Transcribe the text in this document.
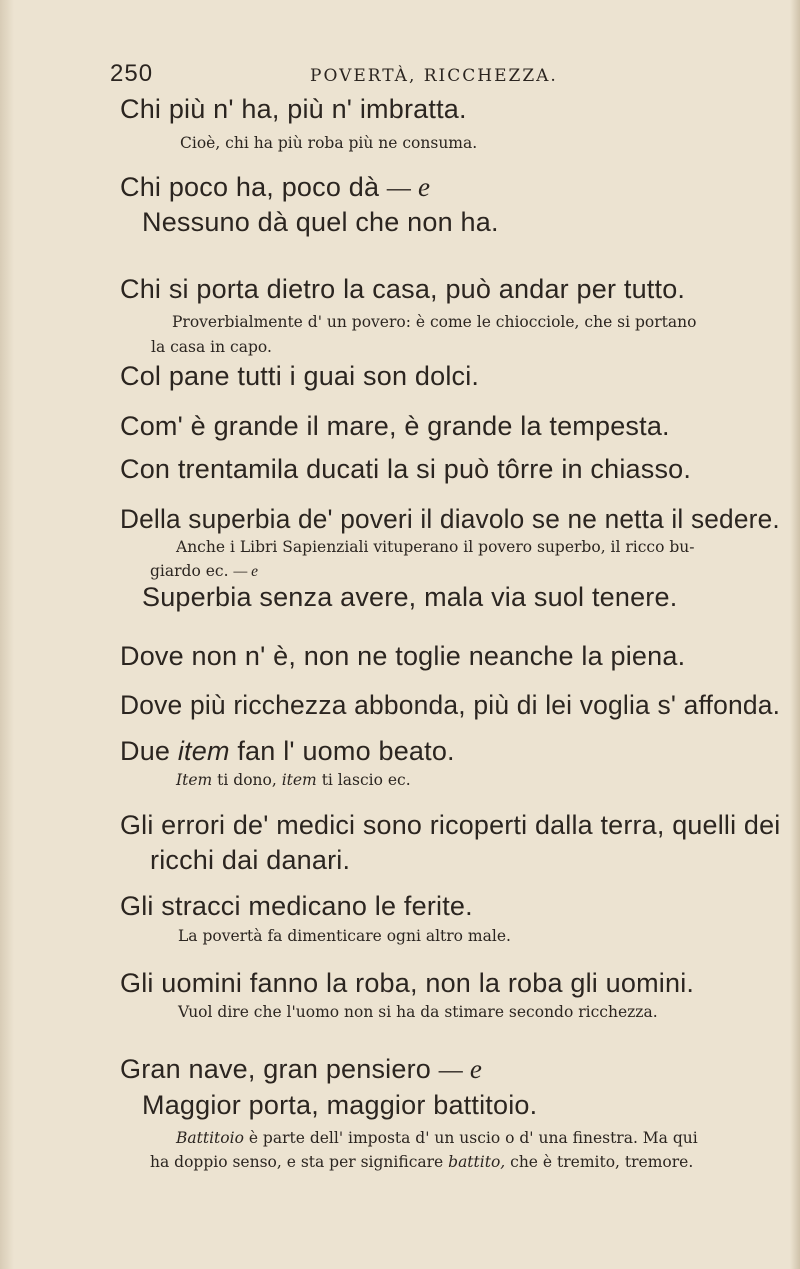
250	POVERTÀ, RICCHEZZA.
Chi più n' ha, più n' imbratta.
Cioè, chi ha più roba più ne consuma.
Chi poco ha, poco dà — e
Nessuno dà quel che non ha.
Chi si porta dietro la casa, può andar per tutto.
Proverbialmente d' un povero: è come le chiocciole, che si portano
la casa in capo.
Col pane tutti i guai son dolci.
Com' è grande il mare, è grande la tempesta.
Con trentamila ducati la si può tôrre in chiasso.
Della superbia de' poveri il diavolo se ne netta il sedere.
Anche i Libri Sapienziali vituperano il povero superbo, il ricco bu-
giardo ec. — e
Superbia senza avere, mala via suol tenere.
Dove non n' è, non ne toglie neanche la piena.
Dove più ricchezza abbonda, più di lei voglia s' affonda.
Due item fan l' uomo beato.
Item ti dono, item ti lascio ec.
Gli errori de' medici sono ricoperti dalla terra, quelli dei
ricchi dai danari.
Gli stracci medicano le ferite.
La povertà fa dimenticare ogni altro male.
Gli uomini fanno la roba, non la roba gli uomini.
Vuol dire che l'uomo non si ha da stimare secondo ricchezza.
Gran nave, gran pensiero — e
Maggior porta, maggior battitoio.
Battitoio è parte dell' imposta d' un uscio o d' una finestra. Ma qui
ha doppio senso, e sta per significare battito, che è tremito, tremore.
